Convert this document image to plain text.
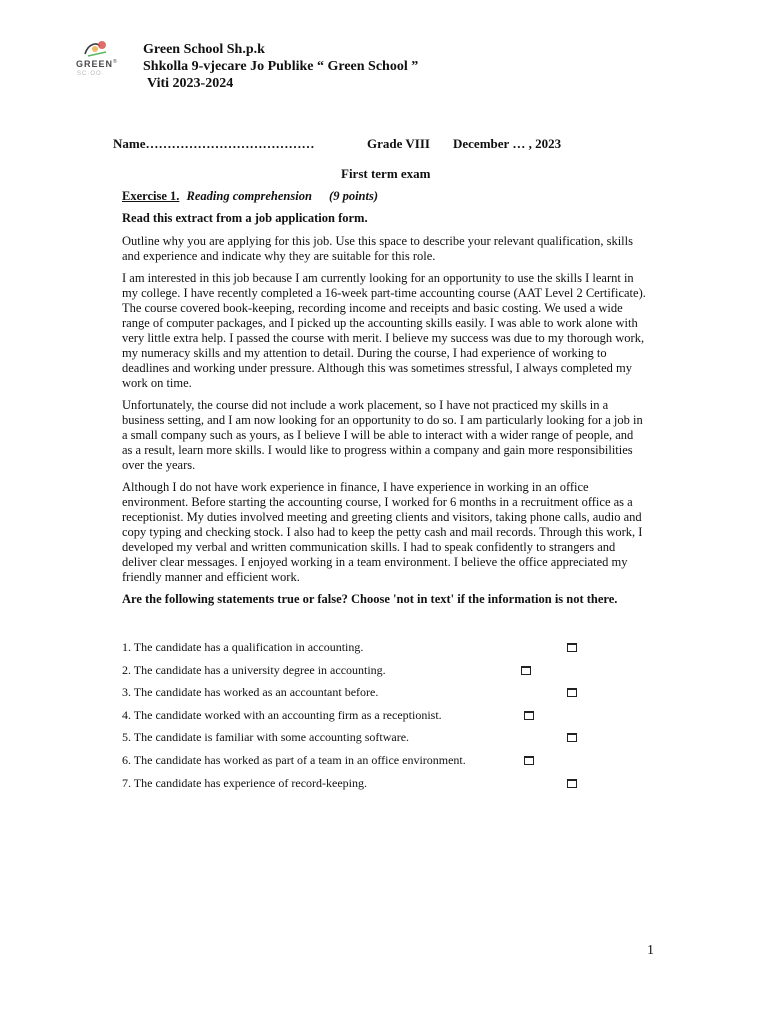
GREEN®
SC·OO·
Green School Sh.p.k
Shkolla 9-vjecare Jo Publike “ Green School ”
Viti 2023-2024
Name…………………………………	Grade VIII December … , 2023
First term exam

Exercise 1. Reading comprehension (9 points)

Read this extract from a job application form.

Outline why you are applying for this job. Use this space to describe your relevant qualification, skills and experience and indicate why they are suitable for this role.

I am interested in this job because I am currently looking for an opportunity to use the skills I learnt in my college. I have recently completed a 16-week part-time accounting course (AAT Level 2 Certificate). The course covered book-keeping, recording income and receipts and basic costing. We used a wide range of computer packages, and I picked up the accounting skills easily. I was able to work alone with very little extra help. I passed the course with merit. I believe my success was due to my thorough work, my numeracy skills and my attention to detail. During the course, I had experience of working to deadlines and working under pressure. Although this was sometimes stressful, I always completed my work on time.

Unfortunately, the course did not include a work placement, so I have not practiced my skills in a business setting, and I am now looking for an opportunity to do so. I am particularly looking for a job in a small company such as yours, as I believe I will be able to interact with a wider range of people, and as a result, learn more skills. I would like to progress within a company and gain more responsibilities over the years.

Although I do not have work experience in finance, I have experience in working in an office environment. Before starting the accounting course, I worked for 6 months in a recruitment office as a receptionist. My duties involved meeting and greeting clients and visitors, taking phone calls, audio and copy typing and checking stock. I also had to keep the petty cash and mail records. Through this work, I developed my verbal and written communication skills. I had to speak confidently to strangers and deliver clear messages. I enjoyed working in a team environment. I believe the office appreciated my friendly manner and efficient work.

Are the following statements true or false? Choose 'not in text' if the information is not there.

1. The candidate has a qualification in accounting.
2. The candidate has a university degree in accounting.
3. The candidate has worked as an accountant before.
4. The candidate worked with an accounting firm as a receptionist.
5. The candidate is familiar with some accounting software.
6. The candidate has worked as part of a team in an office environment.
7. The candidate has experience of record-keeping.
1
